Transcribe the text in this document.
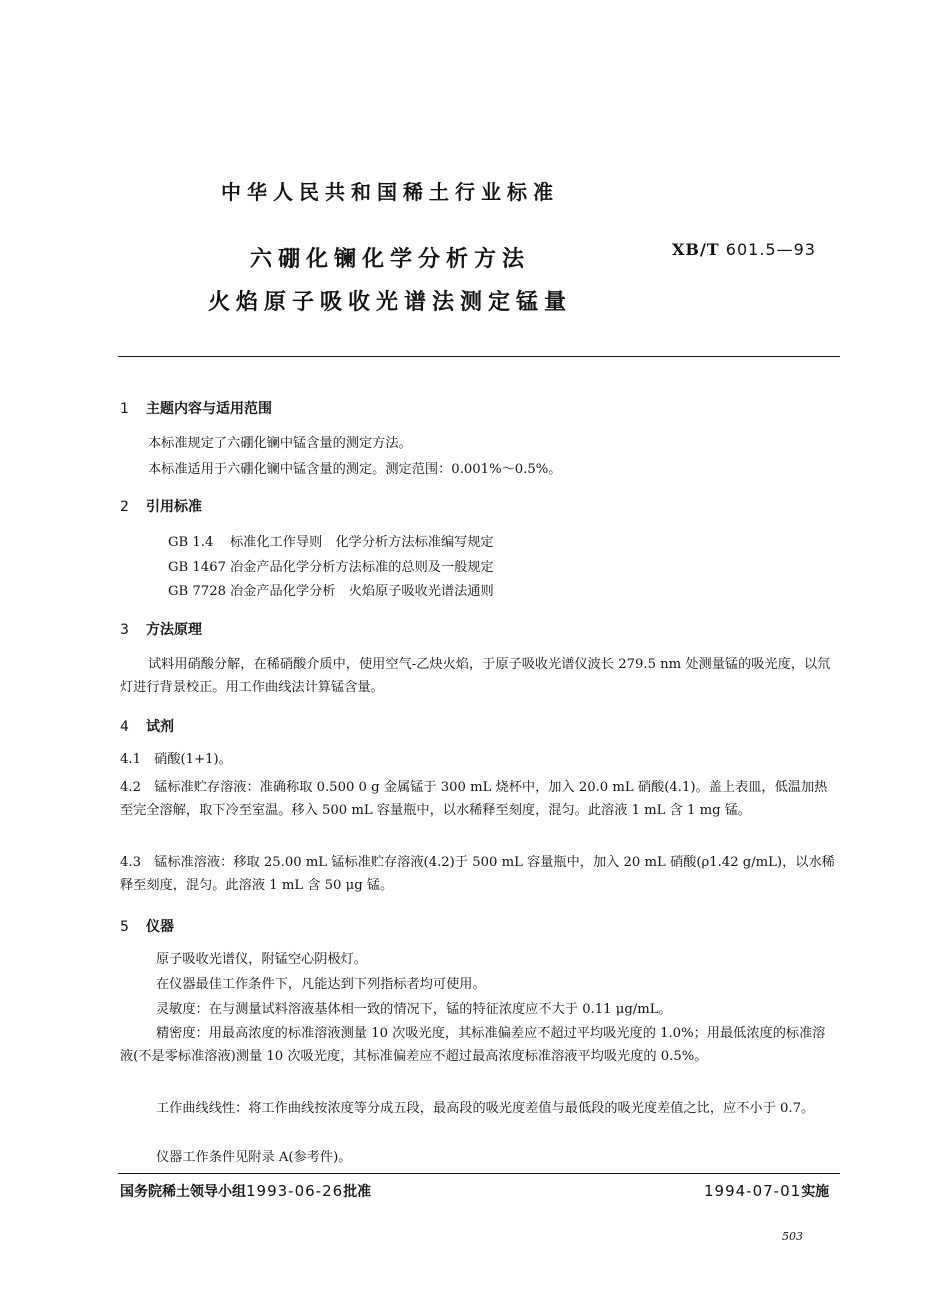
中华人民共和国稀土行业标准
六硼化镧化学分析方法
火焰原子吸收光谱法测定锰量
XB/T 601.5—93
1 主题内容与适用范围
本标准规定了六硼化镧中锰含量的测定方法。
本标准适用于六硼化镧中锰含量的测定。测定范围：0.001%～0.5%。
2 引用标准
GB 1.4 标准化工作导则　化学分析方法标准编写规定
GB 1467 冶金产品化学分析方法标准的总则及一般规定
GB 7728 冶金产品化学分析　火焰原子吸收光谱法通则
3 方法原理
试料用硝酸分解，在稀硝酸介质中，使用空气-乙炔火焰，于原子吸收光谱仪波长 279.5 nm 处测量锰的吸光度，以氘灯进行背景校正。用工作曲线法计算锰含量。
4 试剂
4.1　硝酸(1+1)。
4.2　锰标准贮存溶液：准确称取 0.500 0 g 金属锰于 300 mL 烧杯中，加入 20.0 mL 硝酸(4.1)。盖上表皿，低温加热至完全溶解，取下冷至室温。移入 500 mL 容量瓶中，以水稀释至刻度，混匀。此溶液 1 mL 含 1 mg 锰。
4.3　锰标准溶液：移取 25.00 mL 锰标准贮存溶液(4.2)于 500 mL 容量瓶中，加入 20 mL 硝酸(ρ1.42 g/mL)，以水稀释至刻度，混匀。此溶液 1 mL 含 50 μg 锰。
5 仪器
原子吸收光谱仪，附锰空心阴极灯。
在仪器最佳工作条件下，凡能达到下列指标者均可使用。
灵敏度：在与测量试料溶液基体相一致的情况下，锰的特征浓度应不大于 0.11 μg/mL。
精密度：用最高浓度的标准溶液测量 10 次吸光度，其标准偏差应不超过平均吸光度的 1.0%；用最低浓度的标准溶液(不是零标准溶液)测量 10 次吸光度，其标准偏差应不超过最高浓度标准溶液平均吸光度的 0.5%。
工作曲线线性：将工作曲线按浓度等分成五段，最高段的吸光度差值与最低段的吸光度差值之比，应不小于 0.7。
仪器工作条件见附录 A(参考件)。
国务院稀土领导小组1993-06-26批准	1994-07-01实施
503
